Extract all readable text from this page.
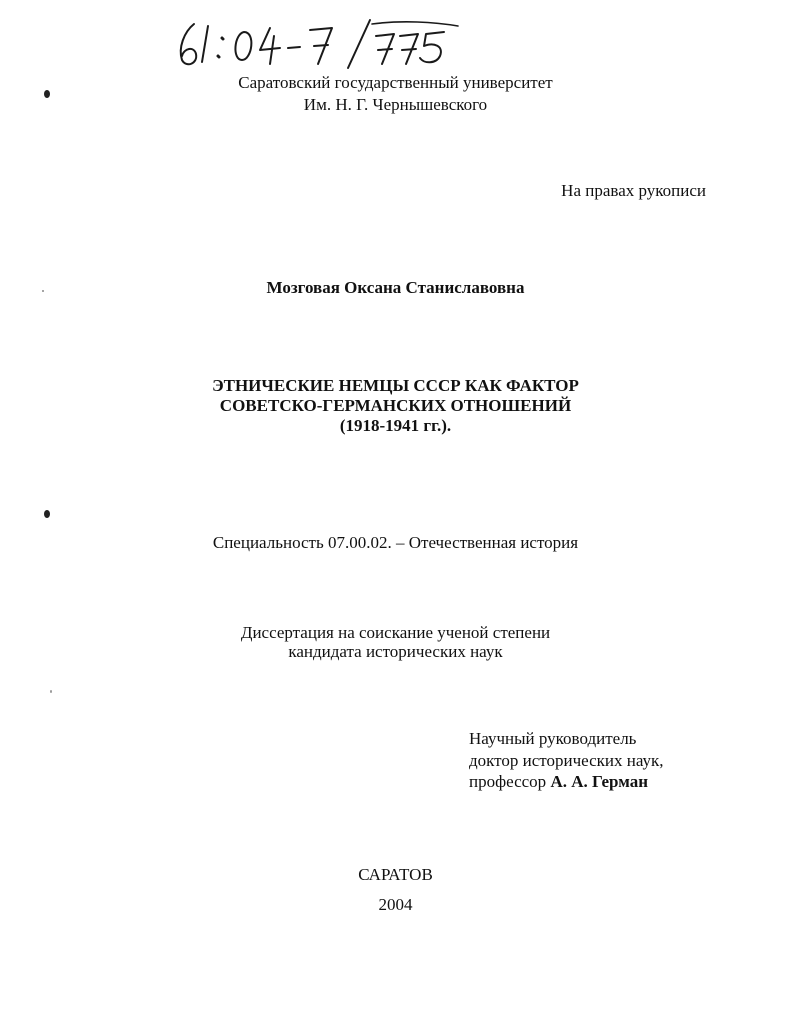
Саратовский государственный университет
Им. Н. Г. Чернышевского
На правах рукописи
Мозговая Оксана Станиславовна
ЭТНИЧЕСКИЕ НЕМЦЫ СССР КАК ФАКТОР
СОВЕТСКО-ГЕРМАНСКИХ ОТНОШЕНИЙ
(1918-1941 гг.).
Специальность 07.00.02. – Отечественная история
Диссертация на соискание ученой степени
кандидата исторических наук
Научный руководитель
доктор исторических наук,
профессор А. А. Герман
САРАТОВ
2004
